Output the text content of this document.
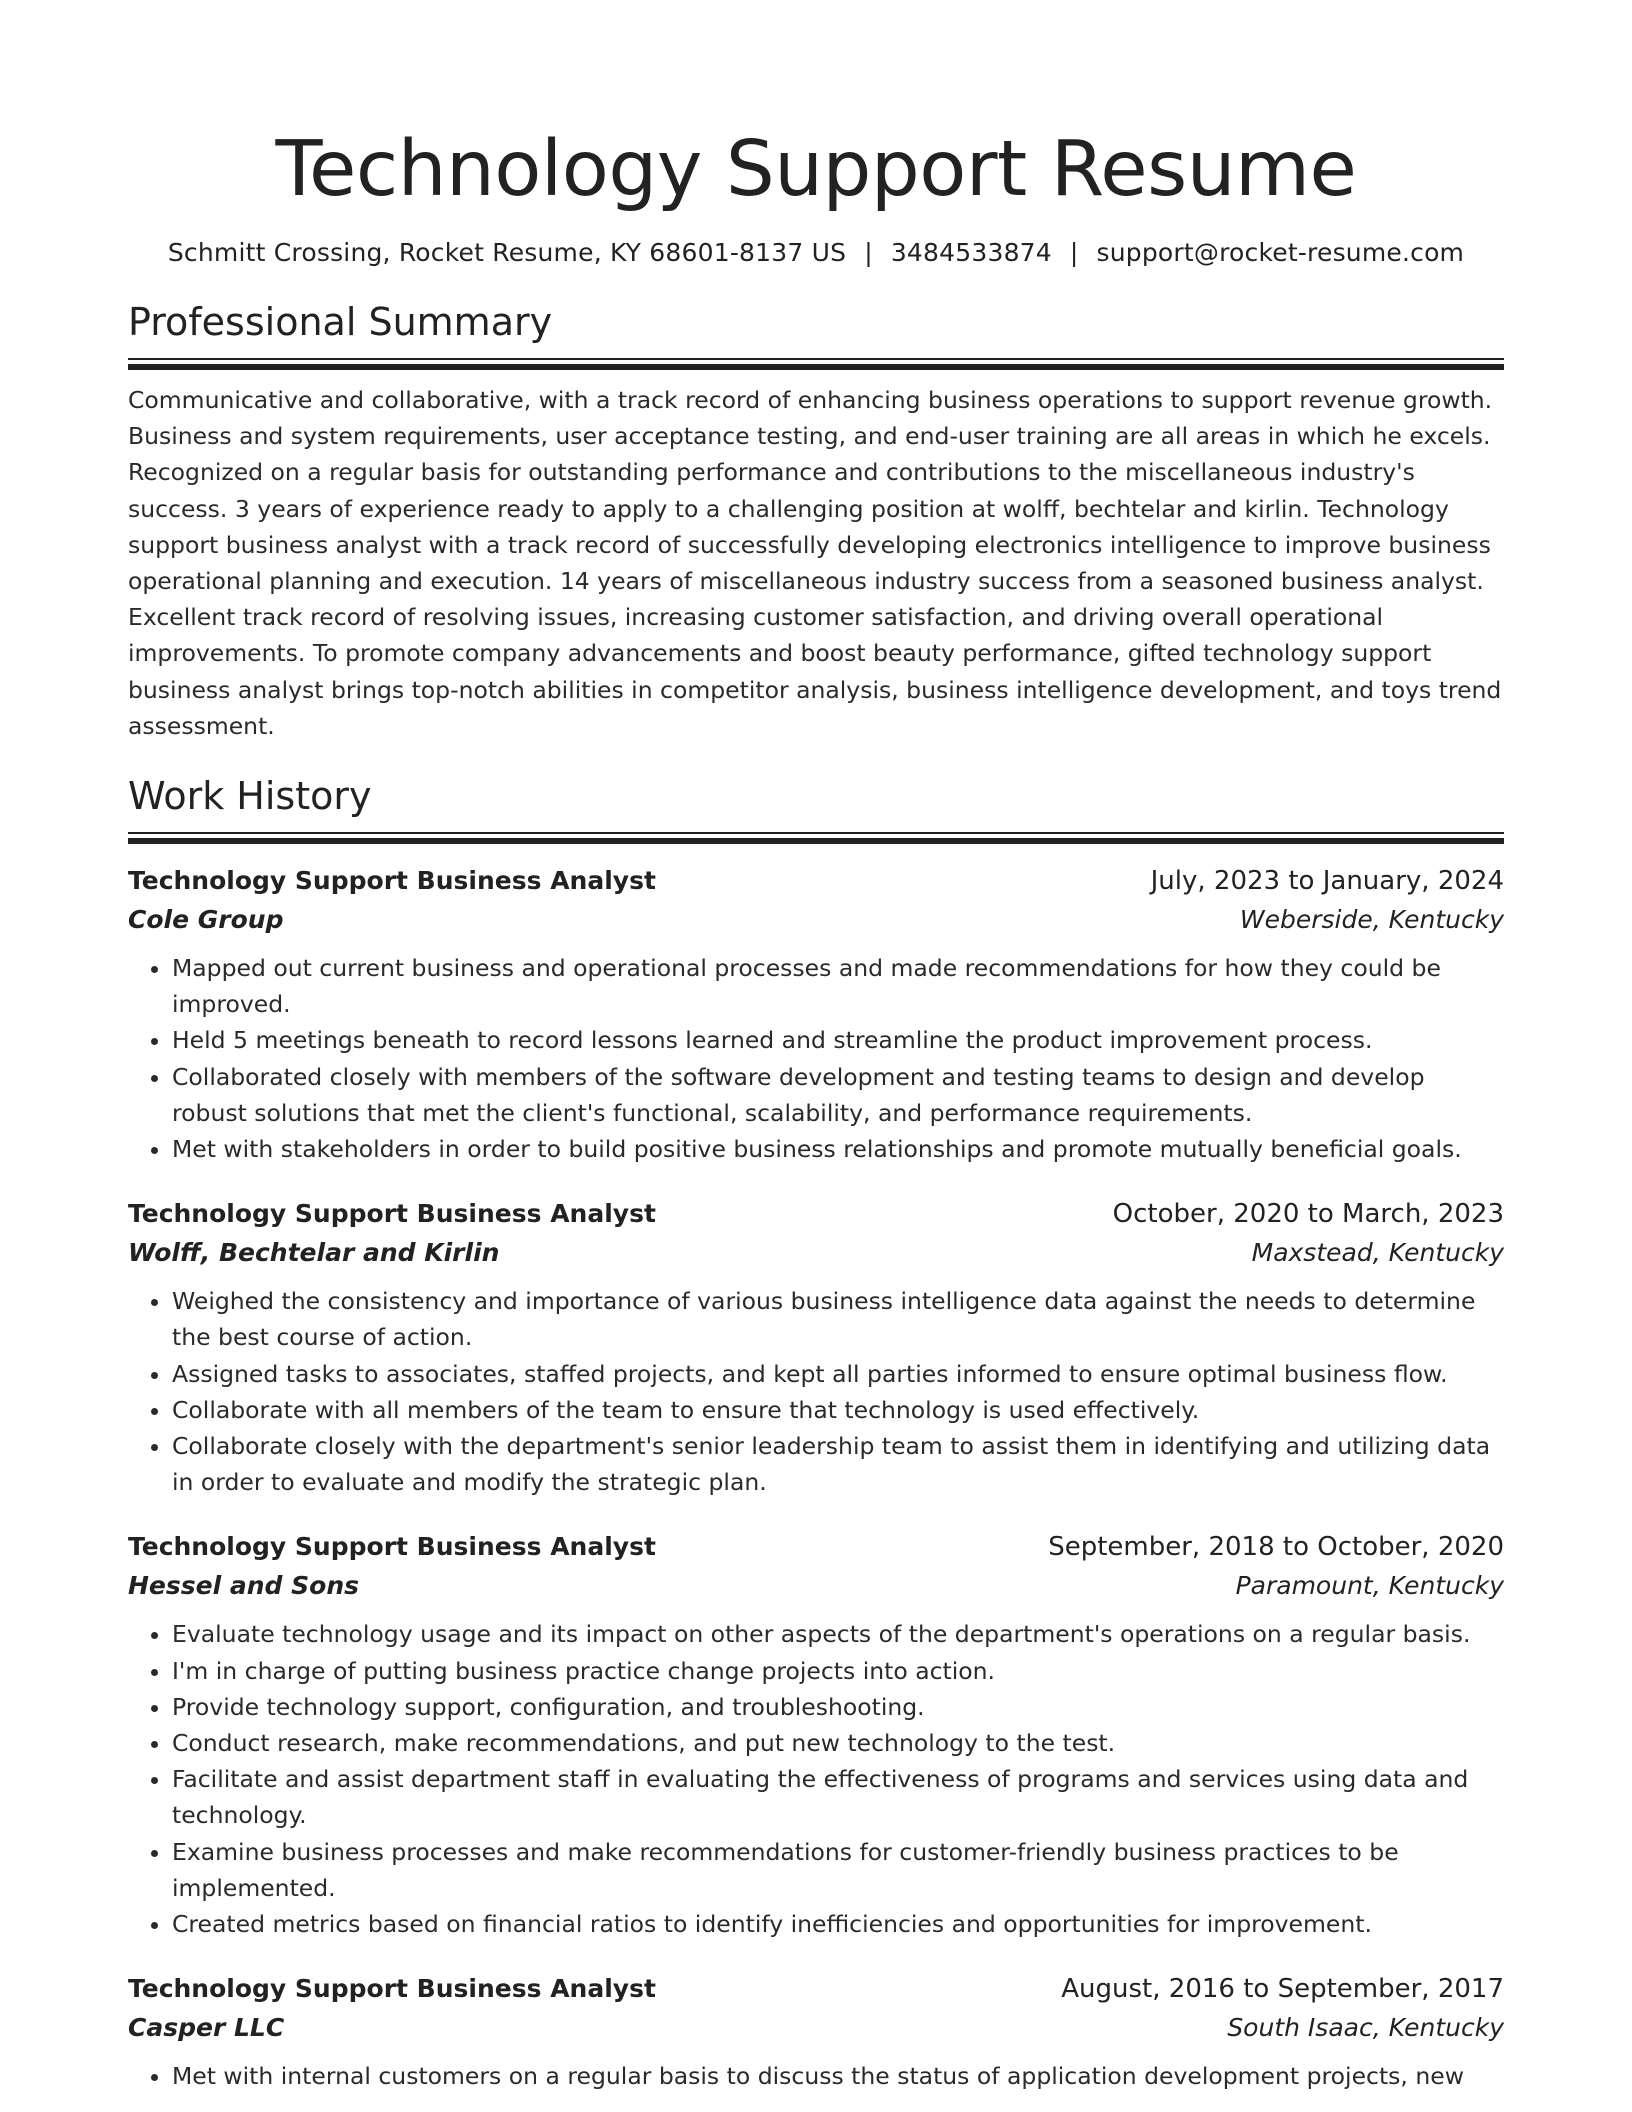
Technology Support Resume
Schmitt Crossing, Rocket Resume, KY 68601-8137 US | 3484533874 | support@rocket-resume.com
Professional Summary

Communicative and collaborative, with a track record of enhancing business operations to support revenue growth. Business and system requirements, user acceptance testing, and end-user training are all areas in which he excels. Recognized on a regular basis for outstanding performance and contributions to the miscellaneous industry's success. 3 years of experience ready to apply to a challenging position at wolff, bechtelar and kirlin. Technology support business analyst with a track record of successfully developing electronics intelligence to improve business operational planning and execution. 14 years of miscellaneous industry success from a seasoned business analyst. Excellent track record of resolving issues, increasing customer satisfaction, and driving overall operational improvements. To promote company advancements and boost beauty performance, gifted technology support business analyst brings top-notch abilities in competitor analysis, business intelligence development, and toys trend assessment.

Work History
Technology Support Business Analyst	July, 2023 to January, 2024
Cole Group	Weberside, Kentucky
• Mapped out current business and operational processes and made recommendations for how they could be improved.
• Held 5 meetings beneath to record lessons learned and streamline the product improvement process.
• Collaborated closely with members of the software development and testing teams to design and develop robust solutions that met the client's functional, scalability, and performance requirements.
• Met with stakeholders in order to build positive business relationships and promote mutually beneficial goals.
Technology Support Business Analyst	October, 2020 to March, 2023
Wolff, Bechtelar and Kirlin	Maxstead, Kentucky
• Weighed the consistency and importance of various business intelligence data against the needs to determine the best course of action.
• Assigned tasks to associates, staffed projects, and kept all parties informed to ensure optimal business flow.
• Collaborate with all members of the team to ensure that technology is used effectively.
• Collaborate closely with the department's senior leadership team to assist them in identifying and utilizing data in order to evaluate and modify the strategic plan.
Technology Support Business Analyst	September, 2018 to October, 2020
Hessel and Sons	Paramount, Kentucky
• Evaluate technology usage and its impact on other aspects of the department's operations on a regular basis.
• I'm in charge of putting business practice change projects into action.
• Provide technology support, configuration, and troubleshooting.
• Conduct research, make recommendations, and put new technology to the test.
• Facilitate and assist department staff in evaluating the effectiveness of programs and services using data and technology.
• Examine business processes and make recommendations for customer-friendly business practices to be implemented.
• Created metrics based on financial ratios to identify inefficiencies and opportunities for improvement.
Technology Support Business Analyst	August, 2016 to September, 2017
Casper LLC	South Isaac, Kentucky
• Met with internal customers on a regular basis to discuss the status of application development projects, new
